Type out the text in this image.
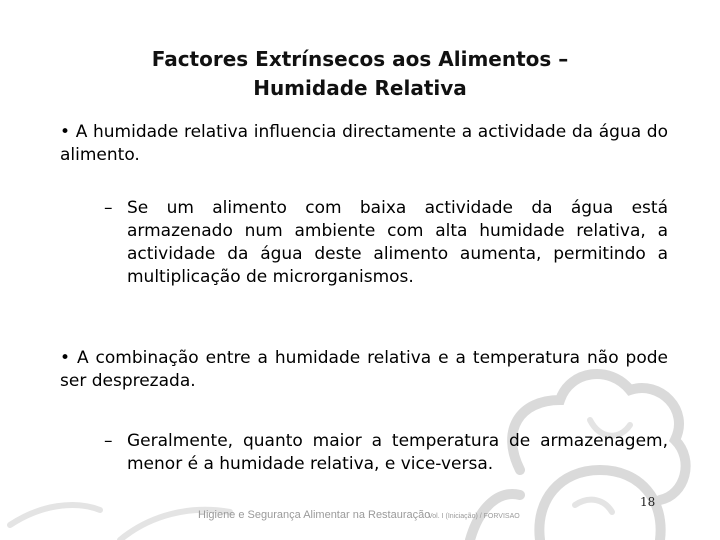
Factores Extrínsecos aos Alimentos –
Humidade Relativa
• A humidade relativa influencia directamente a actividade da água do alimento.
– Se um alimento com baixa actividade da água está armazenado num ambiente com alta humidade relativa, a actividade da água deste alimento aumenta, permitindo a multiplicação de microrganismos.
• A combinação entre a humidade relativa e a temperatura não pode ser desprezada.
– Geralmente, quanto maior a temperatura de armazenagem, menor é a humidade relativa, e vice-versa.
18
Higiene e Segurança Alimentar na Restauração
Vol. I (Iniciação) / FORVISAO
